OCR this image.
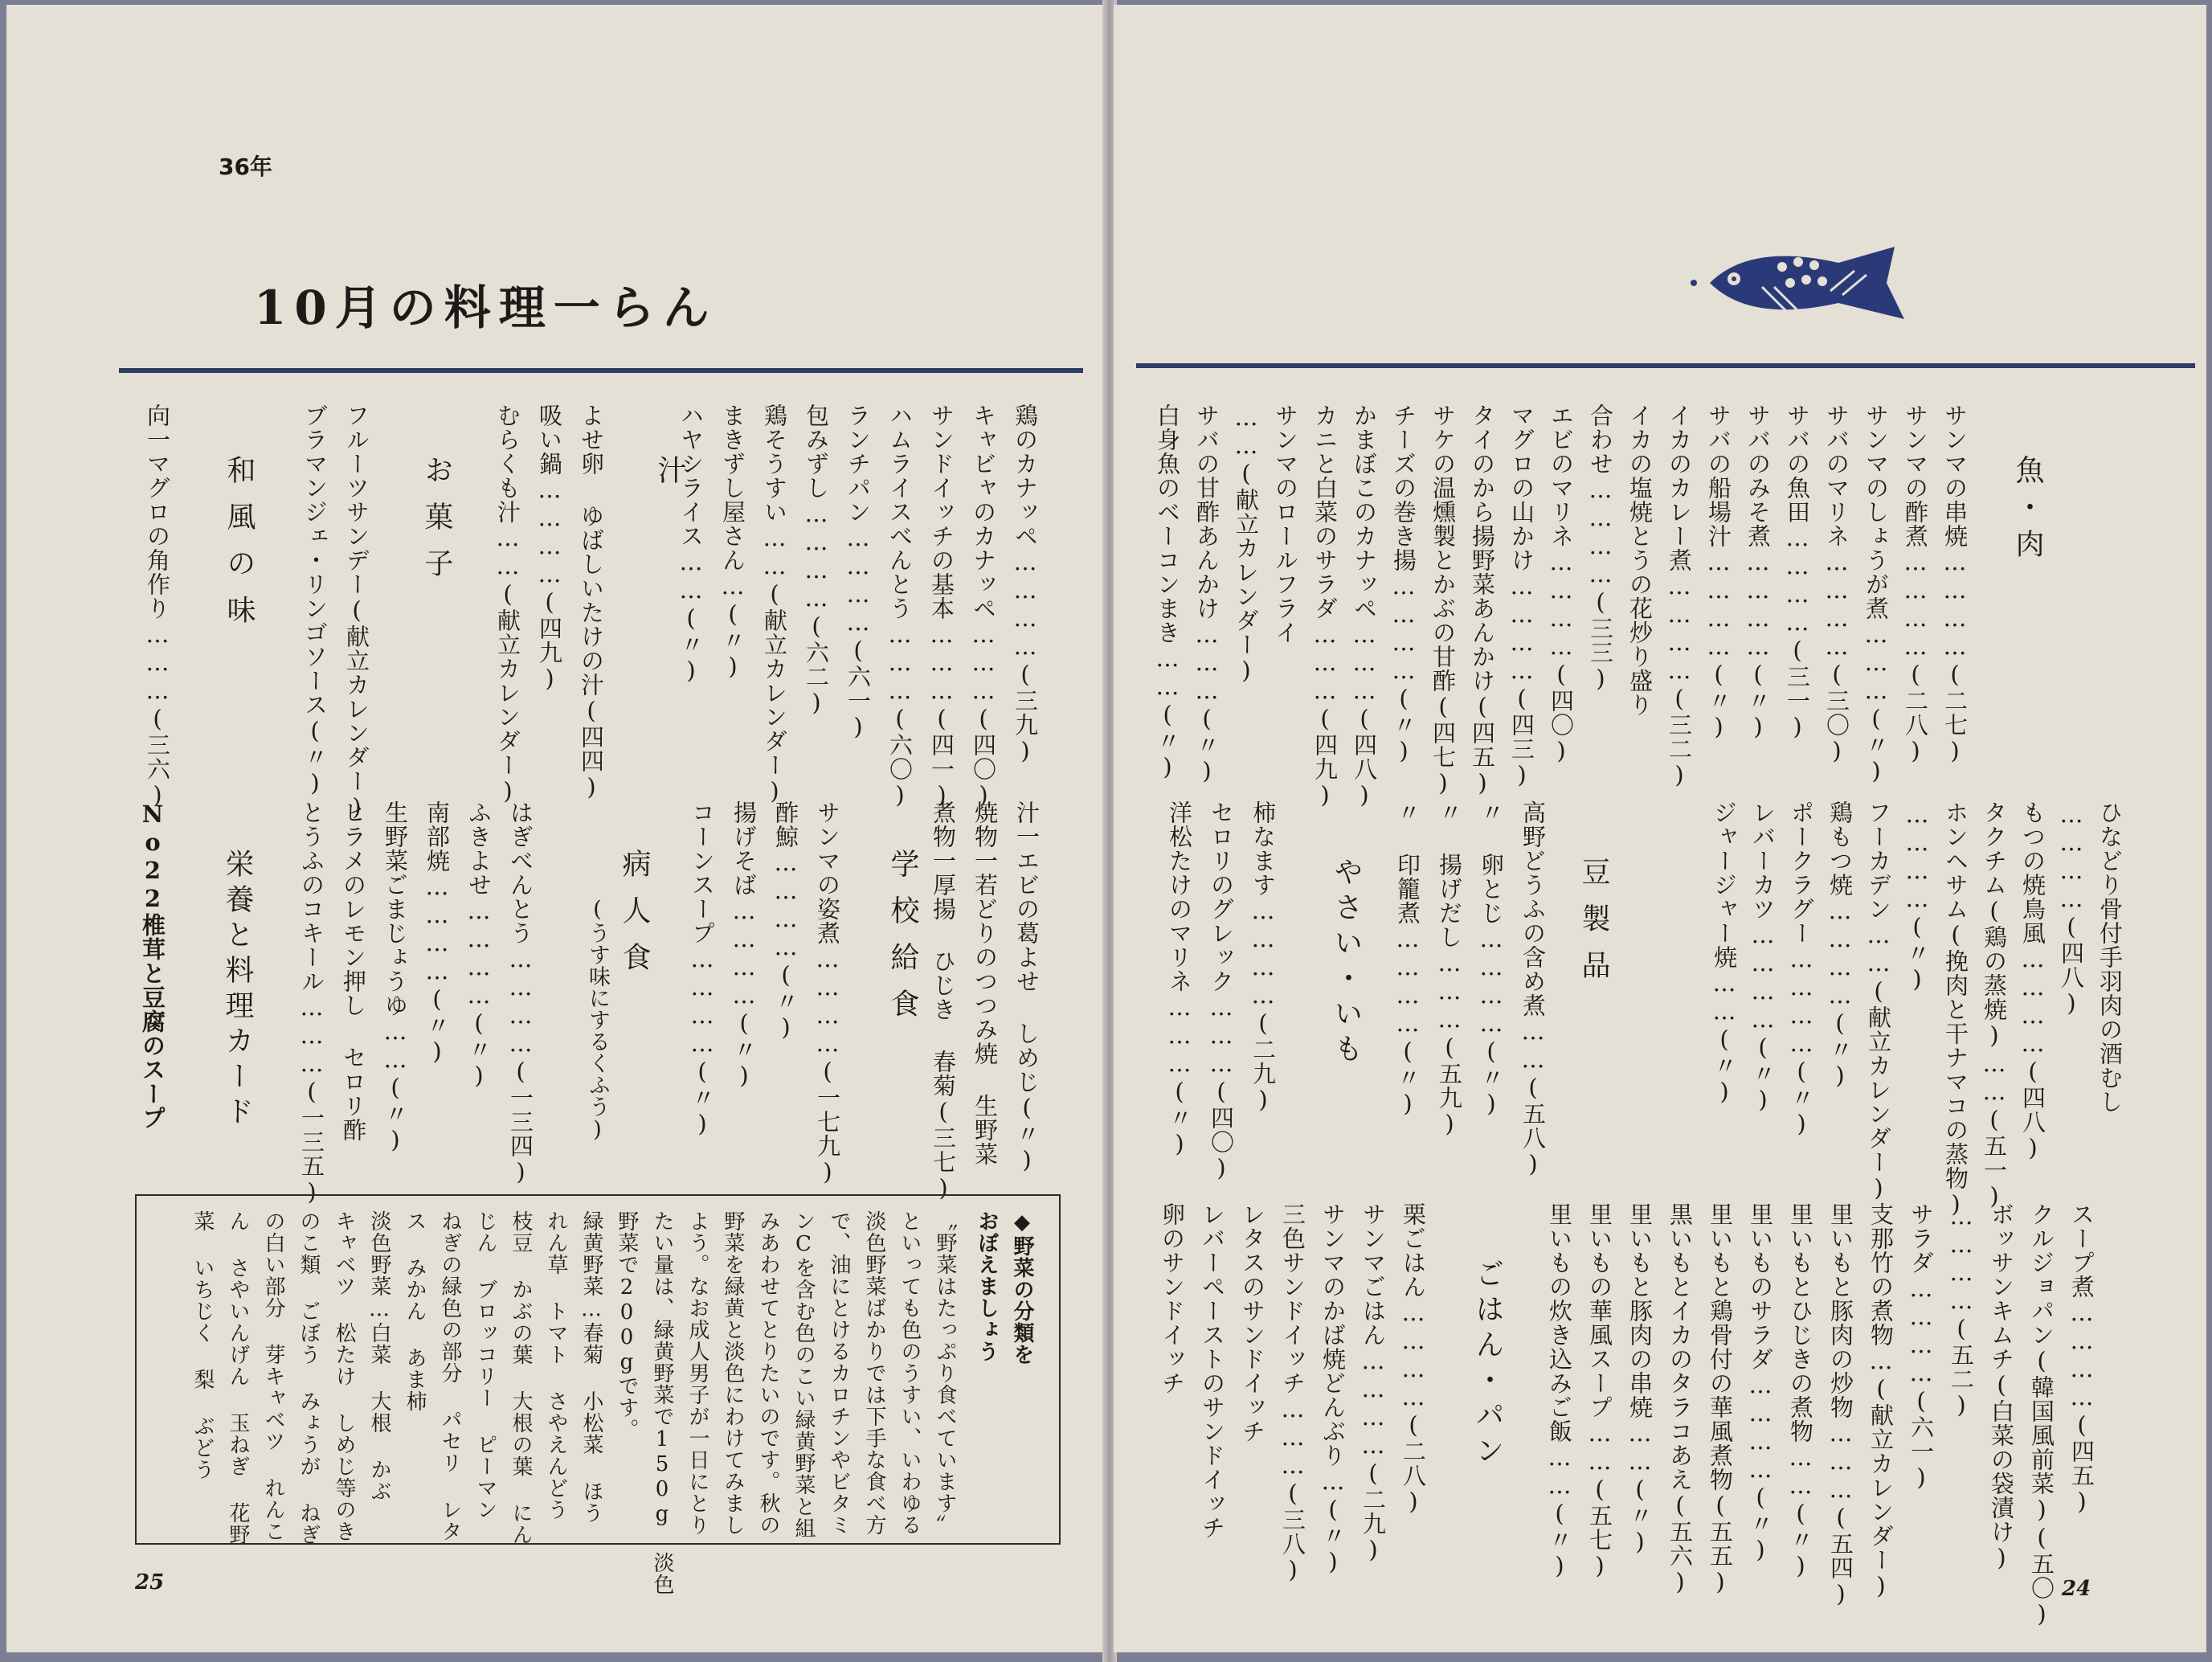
36年
10月の料理一らん
鶏のカナッペ…………(三九)
キャビャのカナッペ………(四〇)
サンドイッチの基本………(四一)
ハムライスべんとう………(六〇)
ランチパン…………(六一)
包みずし…………(六二)
鶏そうすい……(献立カレンダー)
まきずし屋さん…(〃)
ハヤシライス……(〃)
汁
よせ卵 ゆばしいたけの汁(四四)
吸い鍋…………(四九)
むらくも汁……(献立カレンダー)
お菓子
フルーツサンデー(献立カレンダー)
ブラマンジェ・リンゴソース(〃)
和風の味
向一マグロの角作り………(三六)
汁一エビの葛よせ しめじ(〃)
焼物一若どりのつつみ焼 生野菜
煮物一厚揚 ひじき 春菊(三七)
学校給食
サンマの姿煮…………(一七九)
酢鯨…………(〃)
揚げそば…………(〃)
コーンスープ…………(〃)
病人食
(うす味にするくふう)
はぎべんとう…………(一三四)
ふきよせ…………(〃)
南部焼…………(〃)
生野菜ごまじょうゆ……(〃)
ヒラメのレモン押し セロリ酢
とうふのコキール………(一三五)
栄養と料理カード
No22椎茸と豆腐のスープ
◆野菜の分類を
おぼえましょう
〝野菜はたっぷり食べています〟
といっても色のうすい、いわゆる
淡色野菜ばかりでは下手な食べ方
で、油にとけるカロチンやビタミ
ンCを含む色のこい緑黄野菜と組
みあわせてとりたいのです。秋の
野菜を緑黄と淡色にわけてみまし
よう。なお成人男子が一日にとり
たい量は、緑黄野菜で150g 淡色
野菜で200gです。
緑黄野菜…春菊 小松菜 ほう
れん草 トマト さやえんどう
枝豆 かぶの葉 大根の葉 にん
じん ブロッコリー ピーマン
ねぎの緑色の部分 パセリ レタ
ス みかん あま柿
淡色野菜…白菜 大根 かぶ
キャベツ 松たけ しめじ等のき
のこ類 ごぼう みょうが ねぎ
の白い部分 芽キャベツ れんこ
ん さやいんげん 玉ねぎ 花野
菜 いちじく 梨 ぶどう
25
魚・肉
サンマの串焼…………(二七)
サンマの酢煮…………(二八)
サンマのしょうが煮………(〃)
サバのマリネ…………(三〇)
サバの魚田…………(三一)
サバのみそ煮…………(〃)
サバの船場汁…………(〃)
イカのカレー煮…………(三二)
イカの塩焼とうの花炒り盛り
合わせ…………(三三)
エビのマリネ…………(四〇)
マグロの山かけ…………(四三)
タイのから揚野菜あんかけ(四五)
サケの温燻製とかぶの甘酢(四七)
チーズの巻き揚…………(〃)
かまぼこのカナッペ………(四八)
カニと白菜のサラダ………(四九)
サンマのロールフライ
……(献立カレンダー)
サバの甘酢あんかけ………(〃)
白身魚のベーコンまき……(〃)
ひなどり骨付手羽肉の酒むし
…………(四八)
もつの焼鳥風…………(四八)
タクチム(鶏の蒸焼)……(五一)
ホンヘサム(挽肉と干ナマコの蒸物)
…………(〃)
フーカデン……(献立カレンダー)
鶏もつ焼…………(〃)
ポークラグー…………(〃)
レバーカツ…………(〃)
ジャージャー焼……(〃)
豆製品
高野どうふの含め煮……(五八)
〃 卵とじ…………(〃)
〃 揚げだし………(五九)
〃 印籠煮…………(〃)
やさい・いも
柿なます…………(二九)
セロリのグレック………(四〇)
洋松たけのマリネ………(〃)
スープ煮…………(四五)
クルジョパン(韓国風前菜)(五〇)
ボッサンキムチ(白菜の袋漬け)
…………(五二)
サラダ…………(六一)
支那竹の煮物…(献立カレンダー)
里いもと豚肉の炒物………(五四)
里いもとひじきの煮物……(〃)
里いものサラダ…………(〃)
里いもと鶏骨付の華風煮物(五五)
黒いもとイカのタラコあえ(五六)
里いもと豚肉の串焼……(〃)
里いもの華風スープ……(五七)
里いもの炊き込みご飯……(〃)
ごはん・パン
栗ごはん…………(二八)
サンマごはん…………(二九)
サンマのかば焼どんぶり…(〃)
三色サンドイッチ………(三八)
レタスのサンドイッチ
レバーペーストのサンドイッチ
卵のサンドイッチ
24
